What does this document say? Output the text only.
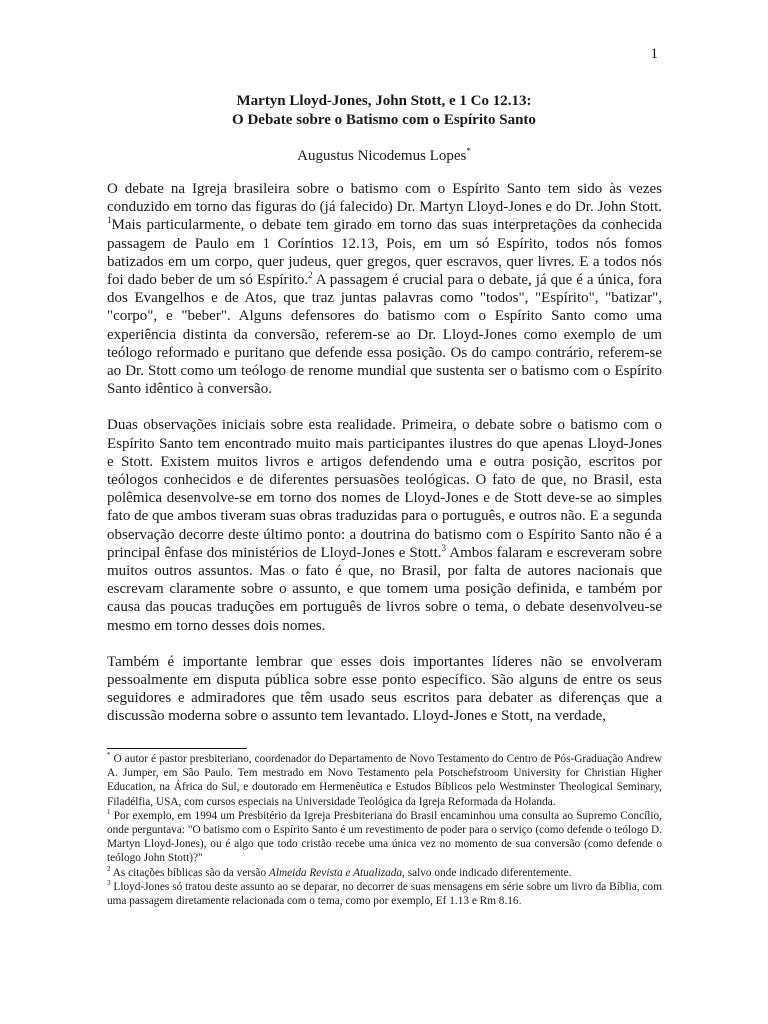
1
Martyn Lloyd-Jones, John Stott, e 1 Co 12.13:
O Debate sobre o Batismo com o Espírito Santo
Augustus Nicodemus Lopes*

O debate na Igreja brasileira sobre o batismo com o Espírito Santo tem sido às vezes conduzido em torno das figuras do (já falecido) Dr. Martyn Lloyd-Jones e do Dr. John Stott. $^1$Mais particularmente, o debate tem girado em torno das suas interpretações da conhecida passagem de Paulo em 1 Coríntios 12.13, Pois, em um só Espírito, todos nós fomos batizados em um corpo, quer judeus, quer gregos, quer escravos, quer livres. E a todos nós foi dado beber de um só Espírito.$^2$ A passagem é crucial para o debate, já que é a única, fora dos Evangelhos e de Atos, que traz juntas palavras como "todos", "Espírito", "batizar", "corpo", e "beber". Alguns defensores do batismo com o Espírito Santo como uma experiência distinta da conversão, referem-se ao Dr. Lloyd-Jones como exemplo de um teólogo reformado e puritano que defende essa posição. Os do campo contrário, referem-se ao Dr. Stott como um teólogo de renome mundial que sustenta ser o batismo com o Espírito Santo idêntico à conversão.

Duas observações iniciais sobre esta realidade. Primeira, o debate sobre o batismo com o Espírito Santo tem encontrado muito mais participantes ilustres do que apenas Lloyd-Jones e Stott. Existem muitos livros e artigos defendendo uma e outra posição, escritos por teólogos conhecidos e de diferentes persuasões teológicas. O fato de que, no Brasil, esta polêmica desenvolve-se em torno dos nomes de Lloyd-Jones e de Stott deve-se ao simples fato de que ambos tiveram suas obras traduzidas para o português, e outros não. E a segunda observação decorre deste último ponto: a doutrina do batismo com o Espírito Santo não é a principal ênfase dos ministérios de Lloyd-Jones e Stott.$^3$ Ambos falaram e escreveram sobre muitos outros assuntos. Mas o fato é que, no Brasil, por falta de autores nacionais que escrevam claramente sobre o assunto, e que tomem uma posição definida, e também por causa das poucas traduções em português de livros sobre o tema, o debate desenvolveu-se mesmo em torno desses dois nomes.

Também é importante lembrar que esses dois importantes líderes não se envolveram pessoalmente em disputa pública sobre esse ponto específico. São alguns de entre os seus seguidores e admiradores que têm usado seus escritos para debater as diferenças que a discussão moderna sobre o assunto tem levantado. Lloyd-Jones e Stott, na verdade,

* O autor é pastor presbiteriano, coordenador do Departamento de Novo Testamento do Centro de Pós-Graduação Andrew A. Jumper, em São Paulo. Tem mestrado em Novo Testamento pela Potschefstroom University for Christian Higher Education, na África do Sul, e doutorado em Hermenêutica e Estudos Bíblicos pelo Westminster Theological Seminary, Filadélfia, USA, com cursos especiais na Universidade Teológica da Igreja Reformada da Holanda.

$^1$ Por exemplo, em 1994 um Presbitério da Igreja Presbiteriana do Brasil encaminhou uma consulta ao Supremo Concílio, onde perguntava: "O batismo com o Espírito Santo é um revestimento de poder para o serviço (como defende o teólogo D. Martyn Lloyd-Jones), ou é algo que todo cristão recebe uma única vez no momento de sua conversão (como defende o teólogo John Stott)?"

$^2$ As citações bíblicas são da versão Almeida Revista e Atualizada, salvo onde indicado diferentemente.

$^3$ Lloyd-Jones só tratou deste assunto ao se deparar, no decorrer de suas mensagens em série sobre um livro da Bíblia, com uma passagem diretamente relacionada com o tema, como por exemplo, Ef 1.13 e Rm 8.16.
